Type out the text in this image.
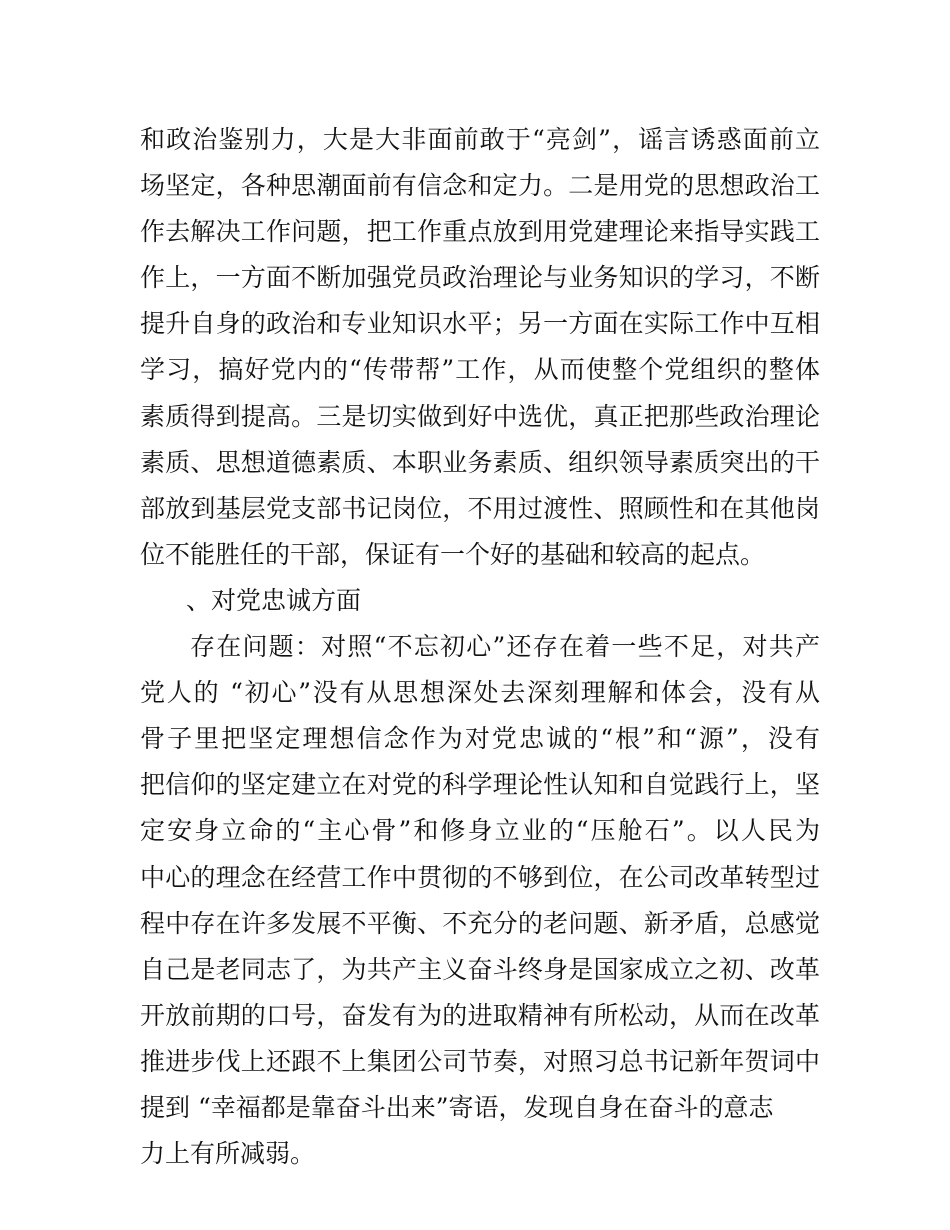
和政治鉴别力，大是大非面前敢于“亮剑”，谣言诱惑面前立
场坚定，各种思潮面前有信念和定力。二是用党的思想政治工
作去解决工作问题，把工作重点放到用党建理论来指导实践工
作上，一方面不断加强党员政治理论与业务知识的学习，不断
提升自身的政治和专业知识水平；另一方面在实际工作中互相
学习，搞好党内的“传带帮”工作，从而使整个党组织的整体
素质得到提高。三是切实做到好中选优，真正把那些政治理论
素质、思想道德素质、本职业务素质、组织领导素质突出的干
部放到基层党支部书记岗位，不用过渡性、照顾性和在其他岗
位不能胜任的干部，保证有一个好的基础和较高的起点。
、对党忠诚方面
存在问题：对照“不忘初心”还存在着一些不足，对共产
党人的 “初心”没有从思想深处去深刻理解和体会，没有从
骨子里把坚定理想信念作为对党忠诚的“根”和“源”，没有
把信仰的坚定建立在对党的科学理论性认知和自觉践行上，坚
定安身立命的“主心骨”和修身立业的“压舱石”。以人民为
中心的理念在经营工作中贯彻的不够到位，在公司改革转型过
程中存在许多发展不平衡、不充分的老问题、新矛盾，总感觉
自己是老同志了，为共产主义奋斗终身是国家成立之初、改革
开放前期的口号，奋发有为的进取精神有所松动，从而在改革
推进步伐上还跟不上集团公司节奏，对照习总书记新年贺词中
提到 “幸福都是靠奋斗出来”寄语，发现自身在奋斗的意志
力上有所减弱。
